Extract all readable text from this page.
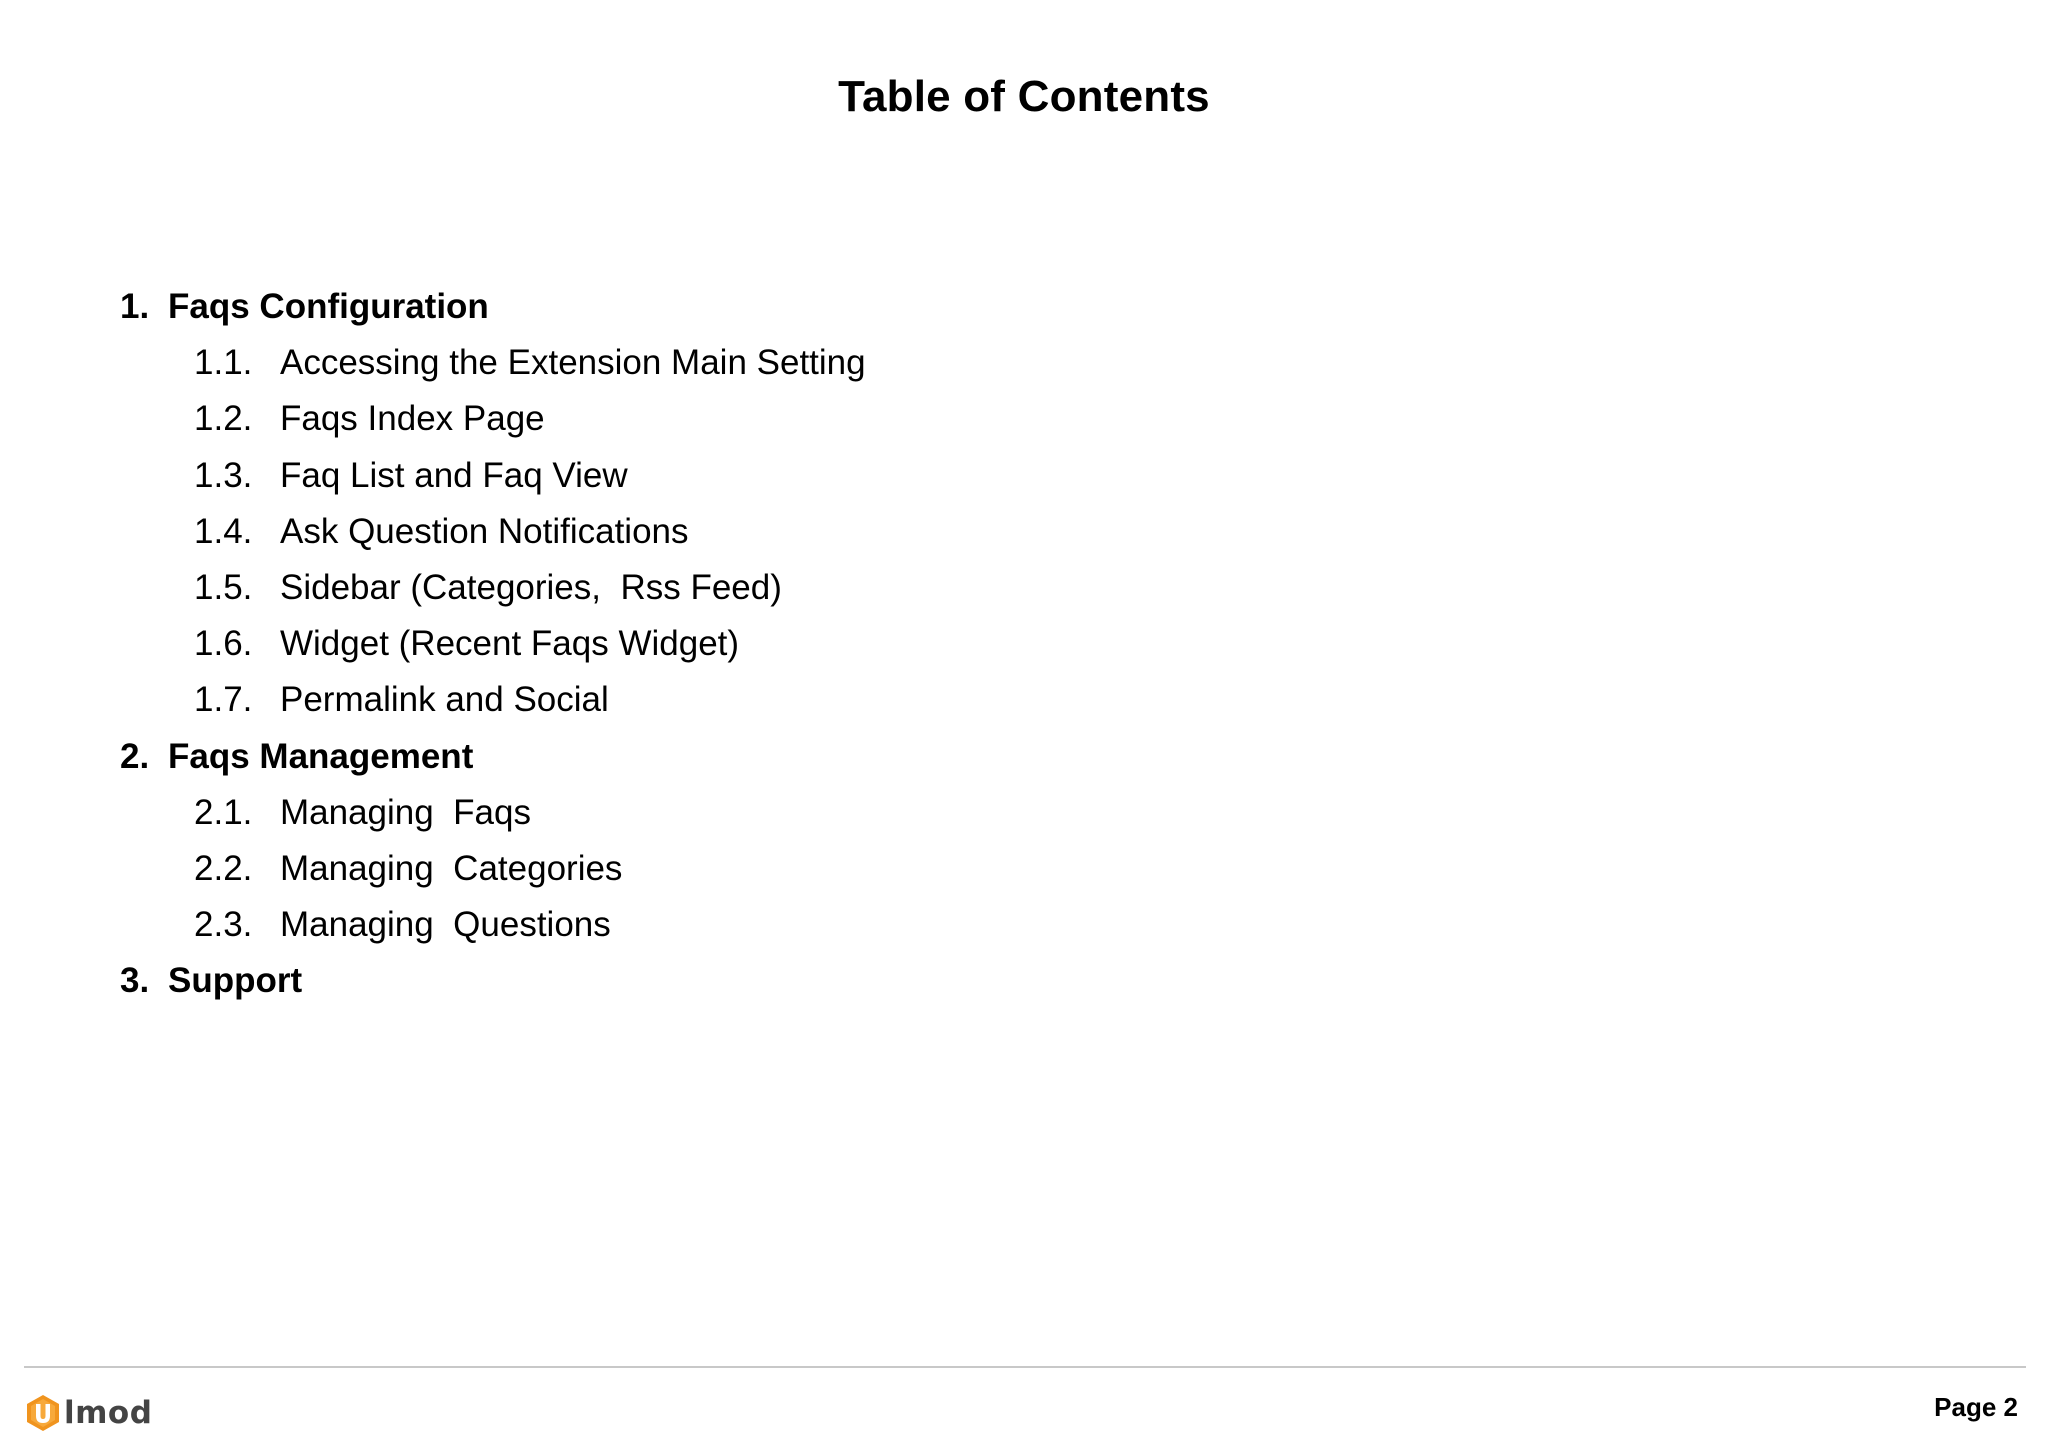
Table of Contents
1. Faqs Configuration
1.1. Accessing the Extension Main Setting
1.2. Faqs Index Page
1.3. Faq List and Faq View
1.4. Ask Question Notifications
1.5. Sidebar (Categories,  Rss Feed)
1.6. Widget (Recent Faqs Widget)
1.7. Permalink and Social
2. Faqs Management
2.1. Managing  Faqs
2.2. Managing  Categories
2.3. Managing  Questions
3. Support
lmod	Page 2
